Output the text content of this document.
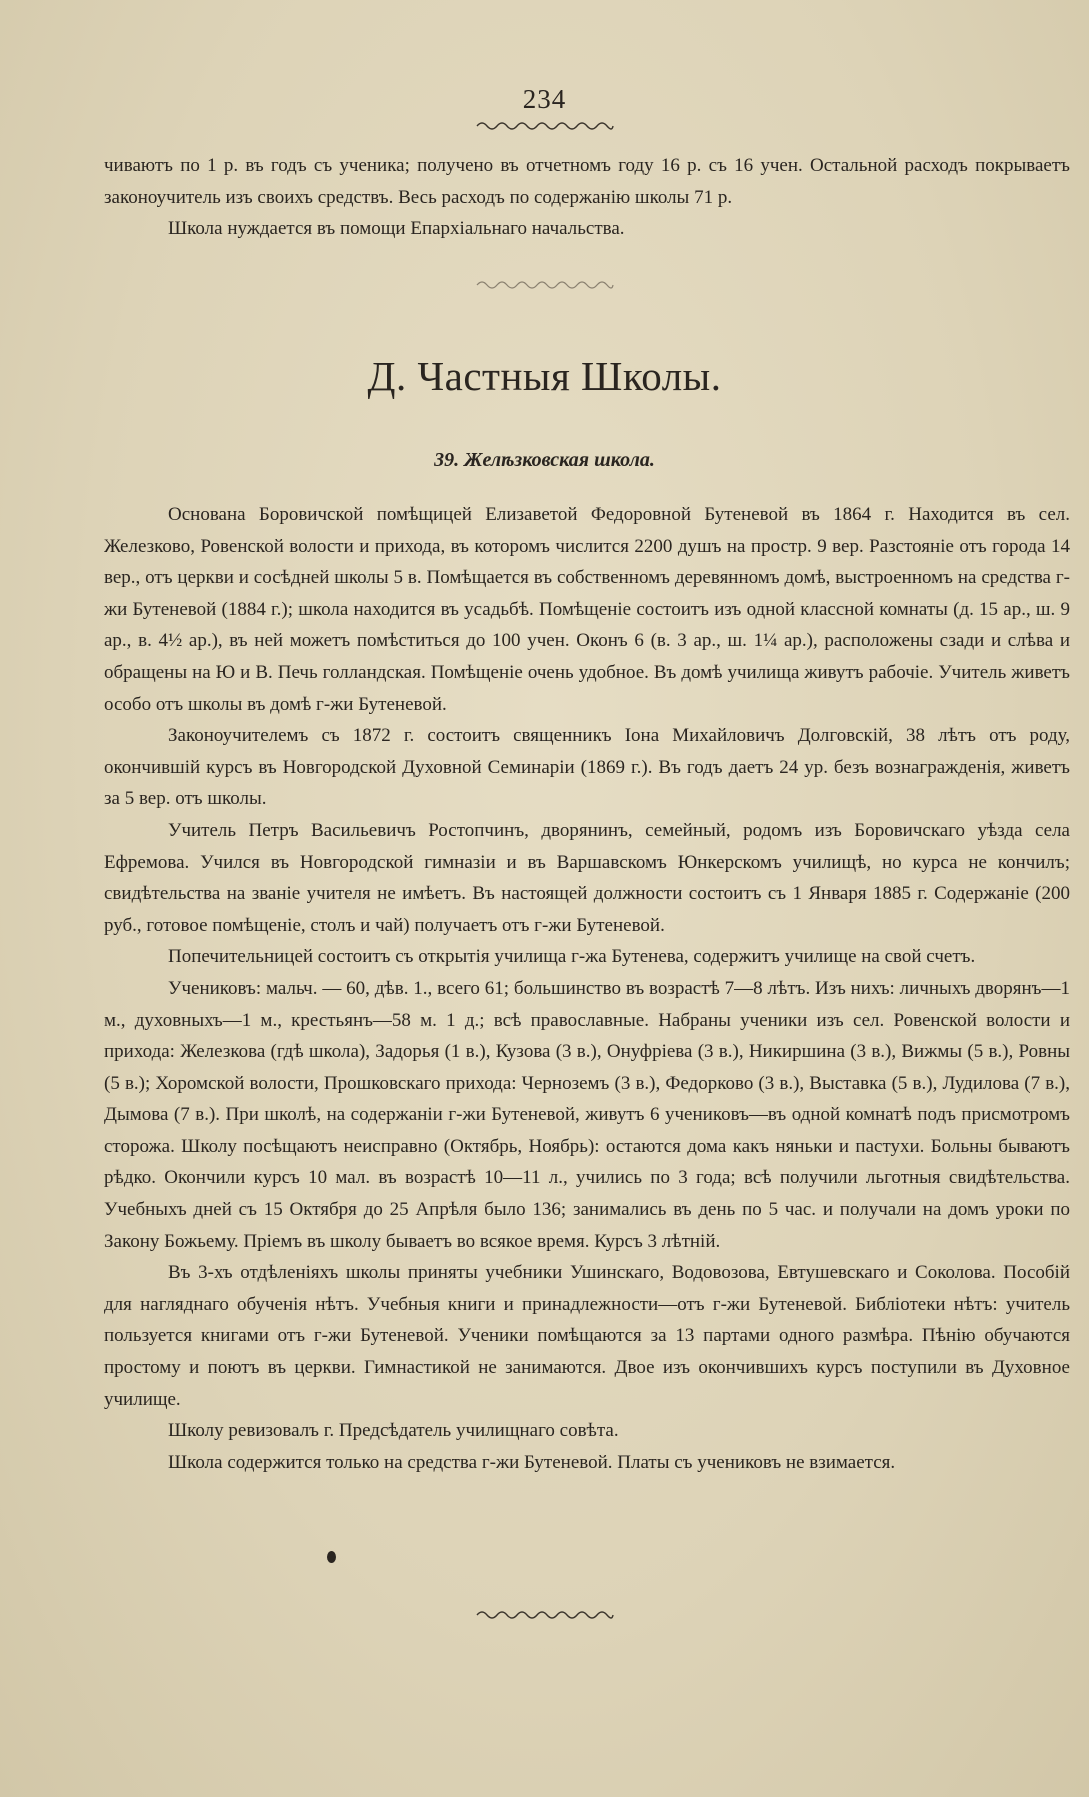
234

чиваютъ по 1 р. въ годъ съ ученика; получено въ отчетномъ году 16 р. съ 16 учен. Остальной расходъ покрываетъ законоучитель изъ своихъ средствъ. Весь расходъ по содержанію школы 71 р.

Школа нуждается въ помощи Епархіальнаго начальства.

Д. Частныя Школы.
39. Желѣзковская школа.

Основана Боровичской помѣщицей Елизаветой Федоровной Бутеневой въ 1864 г. Находится въ сел. Железково, Ровенской волости и прихода, въ которомъ числится 2200 душъ на простр. 9 вер. Разстояніе отъ города 14 вер., отъ церкви и сосѣдней школы 5 в. Помѣщается въ собственномъ деревянномъ домѣ, выстроенномъ на средства г-жи Бутеневой (1884 г.); школа находится въ усадьбѣ. Помѣщеніе состоитъ изъ одной классной комнаты (д. 15 ар., ш. 9 ар., в. 4½ ар.), въ ней можетъ помѣститься до 100 учен. Оконъ 6 (в. 3 ар., ш. 1¼ ар.), расположены сзади и слѣва и обращены на Ю и В. Печь голландская. Помѣщеніе очень удобное. Въ домѣ училища живутъ рабочіе. Учитель живетъ особо отъ школы въ домѣ г-жи Бутеневой.

Законоучителемъ съ 1872 г. состоитъ священникъ Іона Михайловичъ Долговскій, 38 лѣтъ отъ роду, окончившій курсъ въ Новгородской Духовной Семинаріи (1869 г.). Въ годъ даетъ 24 ур. безъ вознагражденія, живетъ за 5 вер. отъ школы.

Учитель Петръ Васильевичъ Ростопчинъ, дворянинъ, семейный, родомъ изъ Боровичскаго уѣзда села Ефремова. Учился въ Новгородской гимназіи и въ Варшавскомъ Юнкерскомъ училищѣ, но курса не кончилъ; свидѣтельства на званіе учителя не имѣетъ. Въ настоящей должности состоитъ съ 1 Января 1885 г. Содержаніе (200 руб., готовое помѣщеніе, столъ и чай) получаетъ отъ г-жи Бутеневой.

Попечительницей состоитъ съ открытія училища г-жа Бутенева, содержитъ училище на свой счетъ.

Учениковъ: мальч. — 60, дѣв. 1., всего 61; большинство въ возрастѣ 7—8 лѣтъ. Изъ нихъ: личныхъ дворянъ—1 м., духовныхъ—1 м., крестьянъ—58 м. 1 д.; всѣ православные. Набраны ученики изъ сел. Ровенской волости и прихода: Железкова (гдѣ школа), Задорья (1 в.), Кузова (3 в.), Онуфріева (3 в.), Никиршина (3 в.), Вижмы (5 в.), Ровны (5 в.); Хоромской волости, Прошковскаго прихода: Черноземъ (3 в.), Федорково (3 в.), Выставка (5 в.), Лудилова (7 в.), Дымова (7 в.). При школѣ, на содержаніи г-жи Бутеневой, живутъ 6 учениковъ—въ одной комнатѣ подъ присмотромъ сторожа. Школу посѣщаютъ неисправно (Октябрь, Ноябрь): остаются дома какъ няньки и пастухи. Больны бываютъ рѣдко. Окончили курсъ 10 мал. въ возрастѣ 10—11 л., учились по 3 года; всѣ получили льготныя свидѣтельства. Учебныхъ дней съ 15 Октября до 25 Апрѣля было 136; занимались въ день по 5 час. и получали на домъ уроки по Закону Божьему. Пріемъ въ школу бываетъ во всякое время. Курсъ 3 лѣтній.

Въ 3-хъ отдѣленіяхъ школы приняты учебники Ушинскаго, Водовозова, Евтушевскаго и Соколова. Пособій для нагляднаго обученія нѣтъ. Учебныя книги и принадлежности—отъ г-жи Бутеневой. Библіотеки нѣтъ: учитель пользуется книгами отъ г-жи Бутеневой. Ученики помѣщаются за 13 партами одного размѣра. Пѣнію обучаются простому и поютъ въ церкви. Гимнастикой не занимаются. Двое изъ окончившихъ курсъ поступили въ Духовное училище.

Школу ревизовалъ г. Предсѣдатель училищнаго совѣта.

Школа содержится только на средства г-жи Бутеневой. Платы съ учениковъ не взимается.
